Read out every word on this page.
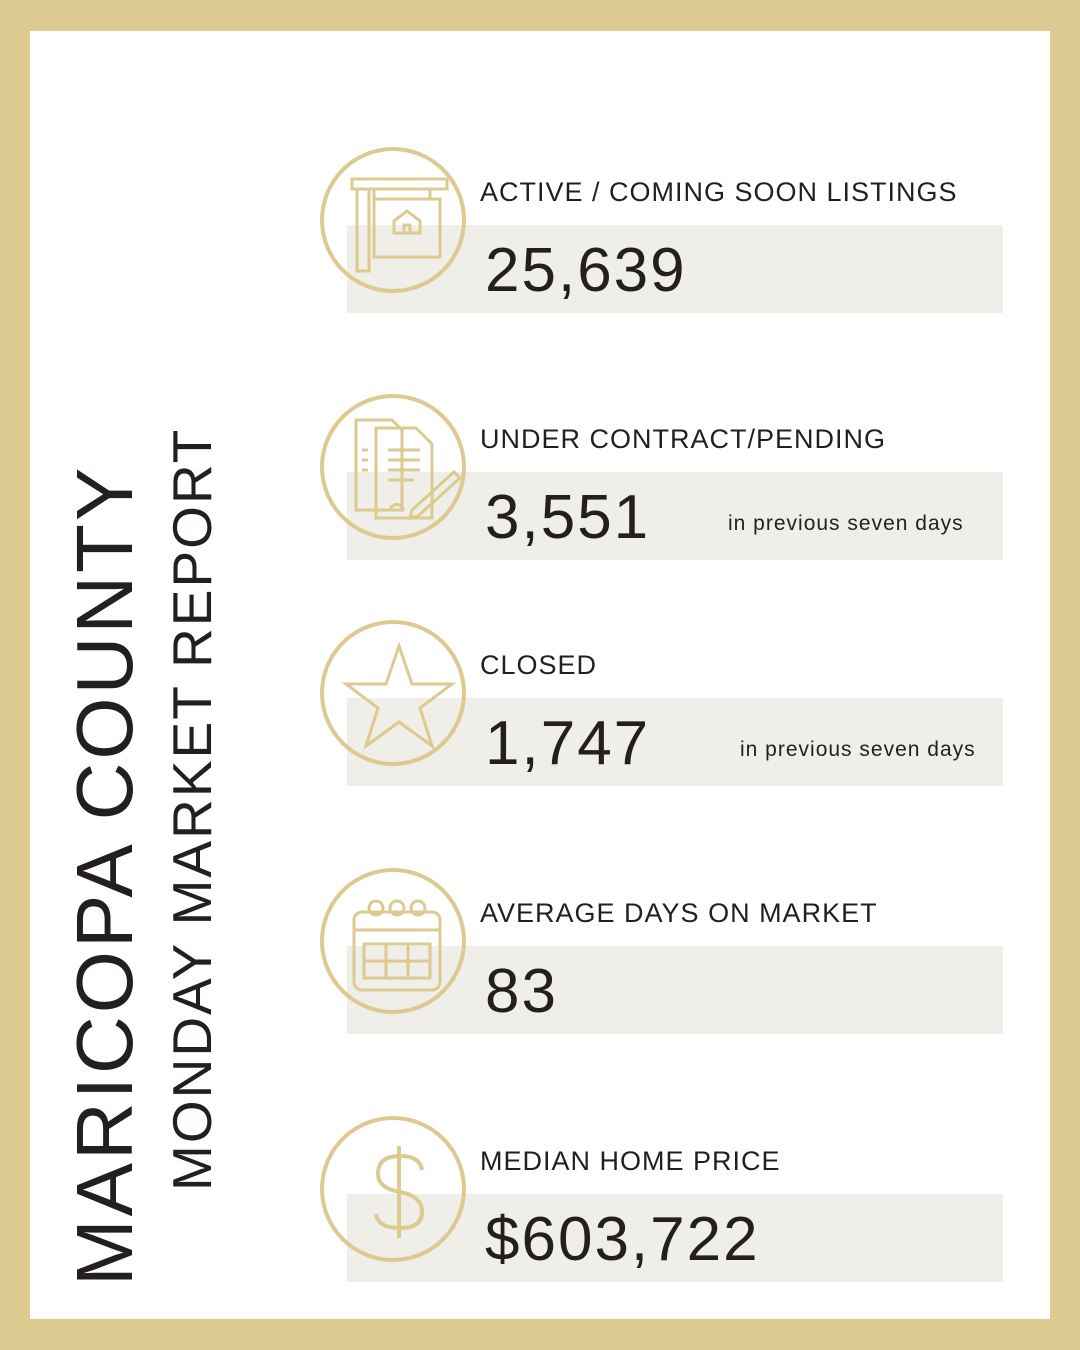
MARICOPA COUNTY MONDAY MARKET REPORT
ACTIVE / COMING SOON LISTINGS
25,639
UNDER CONTRACT/PENDING
3,551	in previous seven days
CLOSED
1,747	in previous seven days
AVERAGE DAYS ON MARKET
83
MEDIAN HOME PRICE
$603,722
